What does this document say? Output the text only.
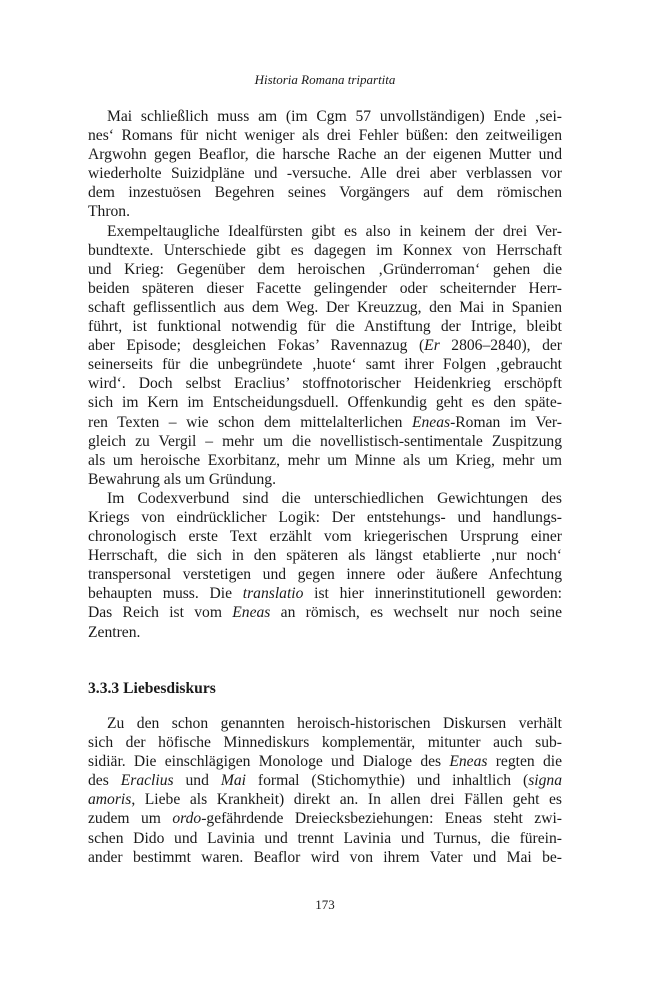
Historia Romana tripartita

Mai schließlich muss am (im Cgm 57 unvollständigen) Ende ‚sei-
nes‘ Romans für nicht weniger als drei Fehler büßen: den zeitweiligen
Argwohn gegen Beaflor, die harsche Rache an der eigenen Mutter und
wiederholte Suizidpläne und -versuche. Alle drei aber verblassen vor
dem inzestuösen Begehren seines Vorgängers auf dem römischen
Thron.

Exempeltaugliche Idealfürsten gibt es also in keinem der drei Ver-
bundtexte. Unterschiede gibt es dagegen im Konnex von Herrschaft
und Krieg: Gegenüber dem heroischen ‚Gründerroman‘ gehen die
beiden späteren dieser Facette gelingender oder scheiternder Herr-
schaft geflissentlich aus dem Weg. Der Kreuzzug, den Mai in Spanien
führt, ist funktional notwendig für die Anstiftung der Intrige, bleibt
aber Episode; desgleichen Fokas’ Ravennazug (Er 2806–2840), der
seinerseits für die unbegründete ‚huote‘ samt ihrer Folgen ‚gebraucht
wird‘. Doch selbst Eraclius’ stoffnotorischer Heidenkrieg erschöpft
sich im Kern im Entscheidungsduell. Offenkundig geht es den späte-
ren Texten – wie schon dem mittelalterlichen Eneas-Roman im Ver-
gleich zu Vergil – mehr um die novellistisch-sentimentale Zuspitzung
als um heroische Exorbitanz, mehr um Minne als um Krieg, mehr um
Bewahrung als um Gründung.

Im Codexverbund sind die unterschiedlichen Gewichtungen des
Kriegs von eindrücklicher Logik: Der entstehungs- und handlungs-
chronologisch erste Text erzählt vom kriegerischen Ursprung einer
Herrschaft, die sich in den späteren als längst etablierte ‚nur noch‘
transpersonal verstetigen und gegen innere oder äußere Anfechtung
behaupten muss. Die translatio ist hier innerinstitutionell geworden:
Das Reich ist vom Eneas an römisch, es wechselt nur noch seine
Zentren.

3.3.3 Liebesdiskurs

Zu den schon genannten heroisch-historischen Diskursen verhält
sich der höfische Minnediskurs komplementär, mitunter auch sub-
sidiär. Die einschlägigen Monologe und Dialoge des Eneas regten die
des Eraclius und Mai formal (Stichomythie) und inhaltlich (signa
amoris, Liebe als Krankheit) direkt an. In allen drei Fällen geht es
zudem um ordo-gefährdende Dreiecksbeziehungen: Eneas steht zwi-
schen Dido und Lavinia und trennt Lavinia und Turnus, die fürein-
ander bestimmt waren. Beaflor wird von ihrem Vater und Mai be-

173
